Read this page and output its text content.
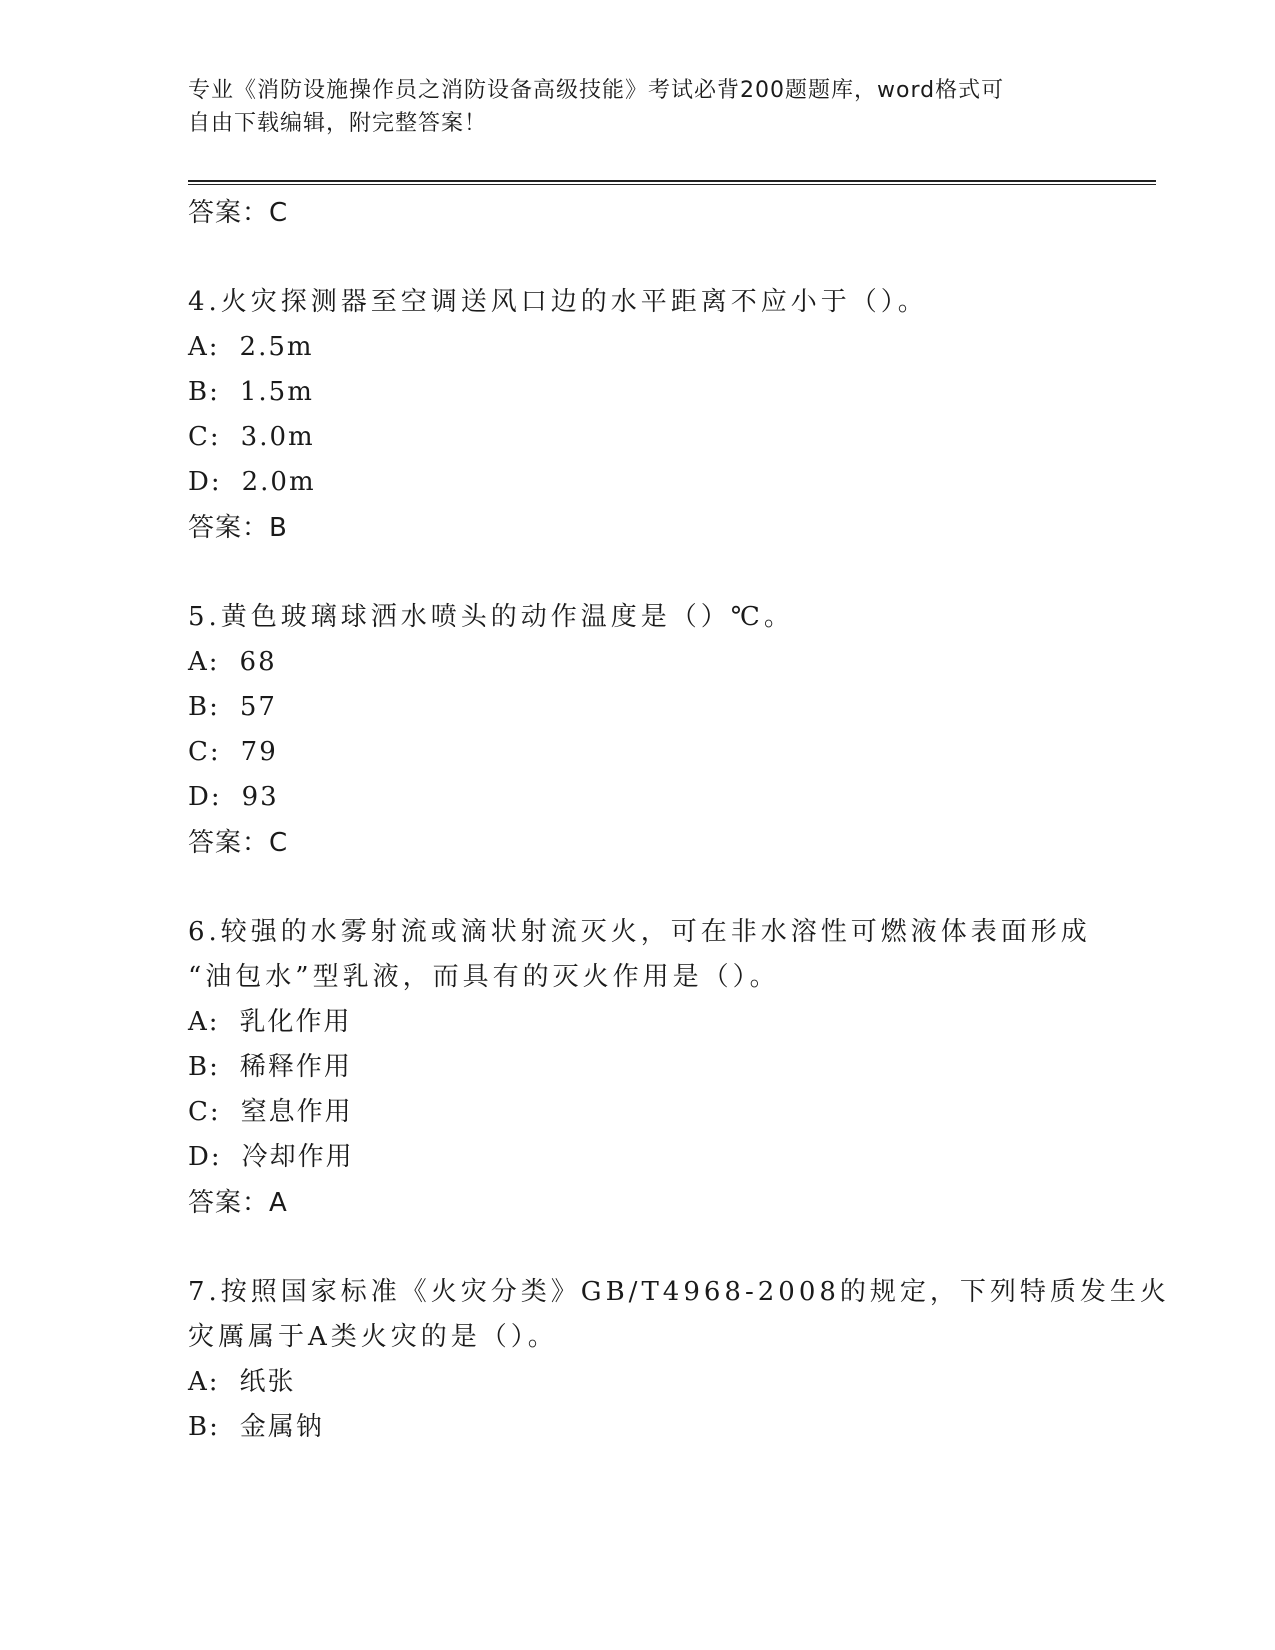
专业《消防设施操作员之消防设备高级技能》考试必背200题题库，word格式可
自由下载编辑，附完整答案！
答案：C
4.火灾探测器至空调送风口边的水平距离不应小于（）。
A: 2.5m
B: 1.5m
C: 3.0m
D: 2.0m
答案：B
5.黄色玻璃球洒水喷头的动作温度是（）℃。
A: 68
B: 57
C: 79
D: 93
答案：C
6.较强的水雾射流或滴状射流灭火，可在非水溶性可燃液体表面形成
“油包水”型乳液，而具有的灭火作用是（）。
A: 乳化作用
B: 稀释作用
C: 窒息作用
D: 冷却作用
答案：A
7.按照国家标准《火灾分类》GB/T4968-2008的规定，下列特质发生火
灾厲属于A类火灾的是（）。
A: 纸张
B: 金属钠
